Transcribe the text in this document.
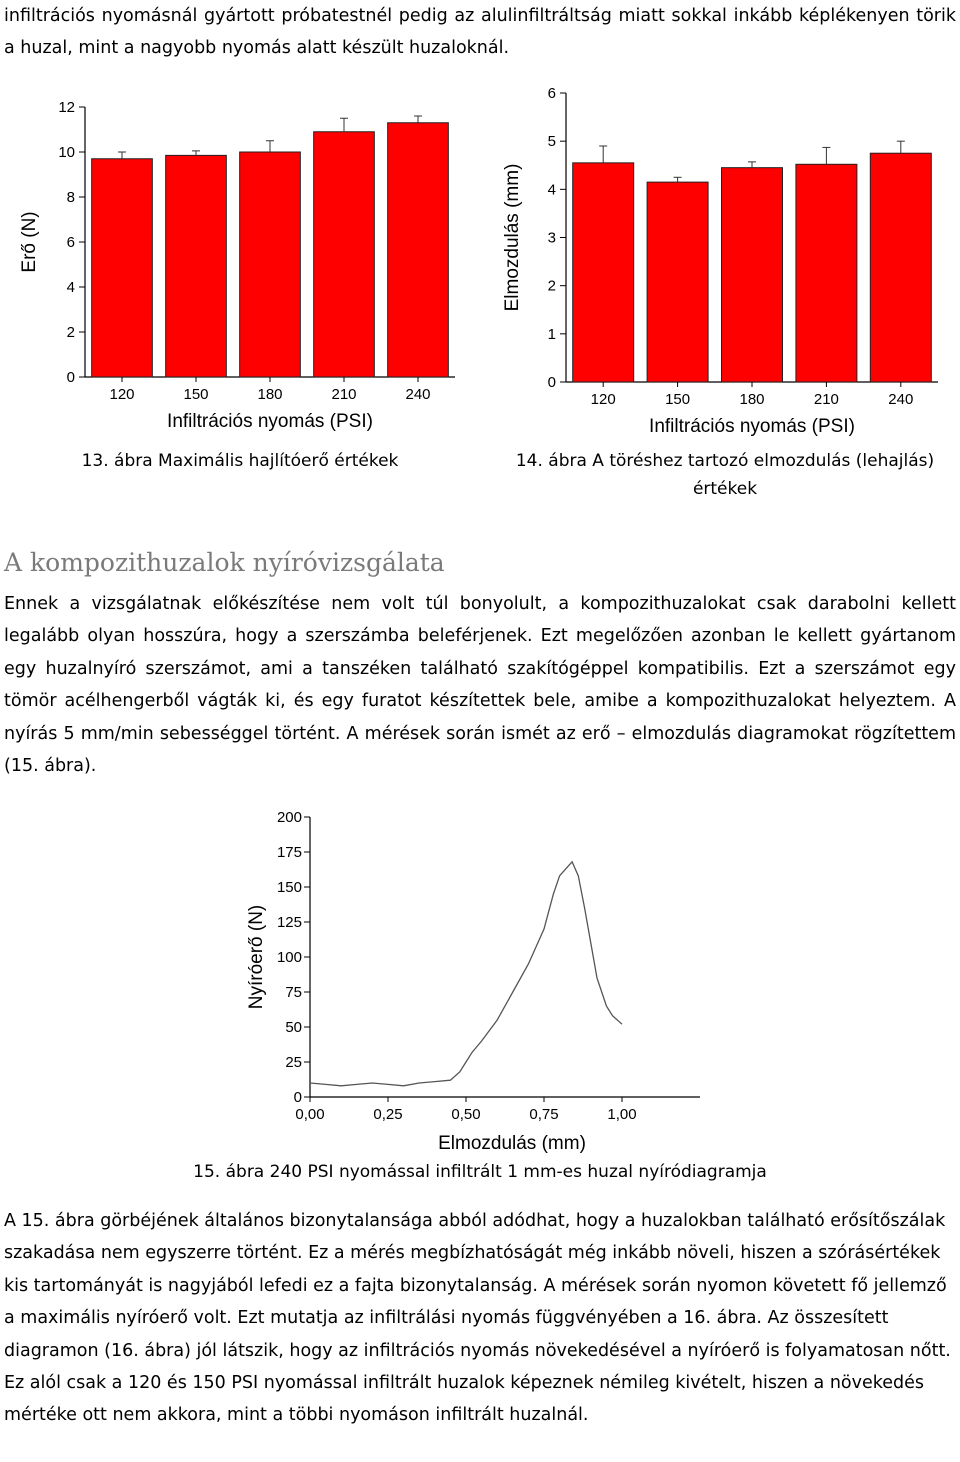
infiltrációs nyomásnál gyártott próbatestnél pedig az alulinfiltráltság miatt sokkal inkább képlékenyen törik a huzal, mint a nagyobb nyomás alatt készült huzaloknál.

0
2
4
6
8
10
12
120	150	180	210	240
Infiltrációs nyomás (PSI)
Erő (N)
13. ábra Maximális hajlítóerő értékek
0
1
2
3
4
5
6
120	150	180	210	240
Infiltrációs nyomás (PSI)
Elmozdulás (mm)
14. ábra A töréshez tartozó elmozdulás (lehajlás) értékek
A kompozithuzalok nyíróvizsgálata

Ennek a vizsgálatnak előkészítése nem volt túl bonyolult, a kompozithuzalokat csak darabolni kellett legalább olyan hosszúra, hogy a szerszámba beleférjenek. Ezt megelőzően azonban le kellett gyártanom egy huzalnyíró szerszámot, ami a tanszéken található szakítógéppel kompatibilis. Ezt a szerszámot egy tömör acélhengerből vágták ki, és egy furatot készítettek bele, amibe a kompozithuzalokat helyeztem. A nyírás 5 mm/min sebességgel történt. A mérések során ismét az erő – elmozdulás diagramokat rögzítettem (15. ábra).

0
25
50
75
100
125
150
175
200
0,00	0,25	0,50	0,75	1,00
Elmozdulás (mm)
Nyíróerő (N)
15. ábra 240 PSI nyomással infiltrált 1 mm-es huzal nyíródiagramja

A 15. ábra görbéjének általános bizonytalansága abból adódhat, hogy a huzalokban található erősítőszálak szakadása nem egyszerre történt. Ez a mérés megbízhatóságát még inkább növeli, hiszen a szórásértékek kis tartományát is nagyjából lefedi ez a fajta bizonytalanság. A mérések során nyomon követett fő jellemző a maximális nyíróerő volt. Ezt mutatja az infiltrálási nyomás függvényében a 16. ábra. Az összesített diagramon (16. ábra) jól látszik, hogy az infiltrációs nyomás növekedésével a nyíróerő is folyamatosan nőtt. Ez alól csak a 120 és 150 PSI nyomással infiltrált huzalok képeznek némileg kivételt, hiszen a növekedés mértéke ott nem akkora, mint a többi nyomáson infiltrált huzalnál.
